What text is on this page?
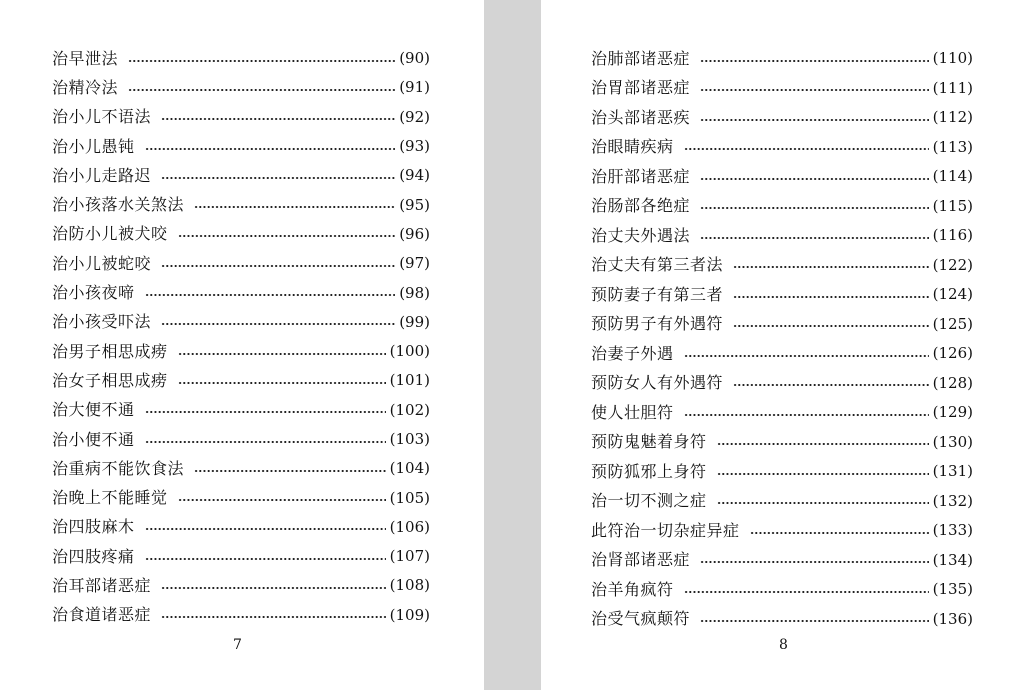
治早泄法	(90)
治精冷法	(91)
治小儿不语法	(92)
治小儿愚钝	(93)
治小儿走路迟	(94)
治小孩落水关煞法	(95)
治防小儿被犬咬	(96)
治小儿被蛇咬	(97)
治小孩夜啼	(98)
治小孩受吓法	(99)
治男子相思成痨	(100)
治女子相思成痨	(101)
治大便不通	(102)
治小便不通	(103)
治重病不能饮食法	(104)
治晚上不能睡觉	(105)
治四肢麻木	(106)
治四肢疼痛	(107)
治耳部诸恶症	(108)
治食道诸恶症	(109)
7
治肺部诸恶症	(110)
治胃部诸恶症	(111)
治头部诸恶疾	(112)
治眼睛疾病	(113)
治肝部诸恶症	(114)
治肠部各绝症	(115)
治丈夫外遇法	(116)
治丈夫有第三者法	(122)
预防妻子有第三者	(124)
预防男子有外遇符	(125)
治妻子外遇	(126)
预防女人有外遇符	(128)
使人壮胆符	(129)
预防鬼魅着身符	(130)
预防狐邪上身符	(131)
治一切不测之症	(132)
此符治一切杂症异症	(133)
治肾部诸恶症	(134)
治羊角疯符	(135)
治受气疯颠符	(136)
8
